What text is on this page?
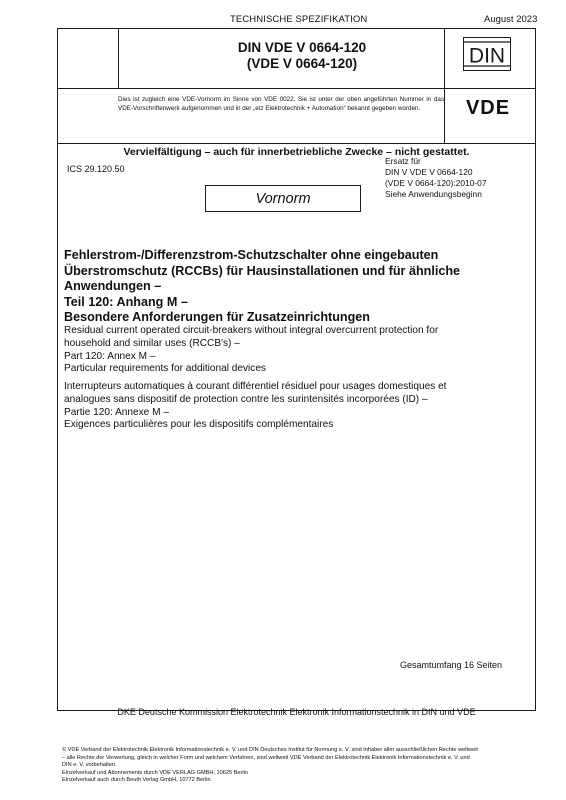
TECHNISCHE SPEZIFIKATION	August 2023
DIN VDE V 0664-120
(VDE V 0664-120)	DIN
Dies ist zugleich eine VDE-Vornorm im Sinne von VDE 0022. Sie ist unter der oben angeführten Nummer in das VDE-Vorschriftenwerk aufgenommen und in der „etz Elektrotechnik + Automation“ bekannt gegeben worden.	VDE
Vervielfältigung – auch für innerbetriebliche Zwecke – nicht gestattet.
ICS 29.120.50
Ersatz für
DIN V VDE V 0664-120
(VDE V 0664-120):2010-07
Siehe Anwendungsbeginn
Vornorm
Fehlerstrom-/Differenzstrom-Schutzschalter ohne eingebauten
Überstromschutz (RCCBs) für Hausinstallationen und für ähnliche
Anwendungen –
Teil 120: Anhang M –
Besondere Anforderungen für Zusatzeinrichtungen
Residual current operated circuit-breakers without integral overcurrent protection for
household and similar uses (RCCB's) –
Part 120: Annex M –
Particular requirements for additional devices
Interrupteurs automatiques à courant différentiel résiduel pour usages domestiques et
analogues sans dispositif de protection contre les surintensités incorporées (ID) –
Partie 120: Annexe M –
Exigences particulières pour les dispositifs complémentaires
Gesamtumfang 16 Seiten
DKE Deutsche Kommission Elektrotechnik Elektronik Informationstechnik in DIN und VDE
© VDE Verband der Elektrotechnik Elektronik Informationstechnik e. V. und DIN Deutsches Institut für Normung e. V. sind Inhaber aller ausschließlichen Rechte weltweit
– alle Rechte der Verwertung, gleich in welcher Form und welchem Verfahren, sind weltweit VDE Verband der Elektrotechnik Elektronik Informationstechnik e. V. und
DIN e. V. vorbehalten.
Einzelverkauf und Abonnements durch VDE VERLAG GMBH, 10625 Berlin
Einzelverkauf auch durch Beuth Verlag GmbH, 10772 Berlin
